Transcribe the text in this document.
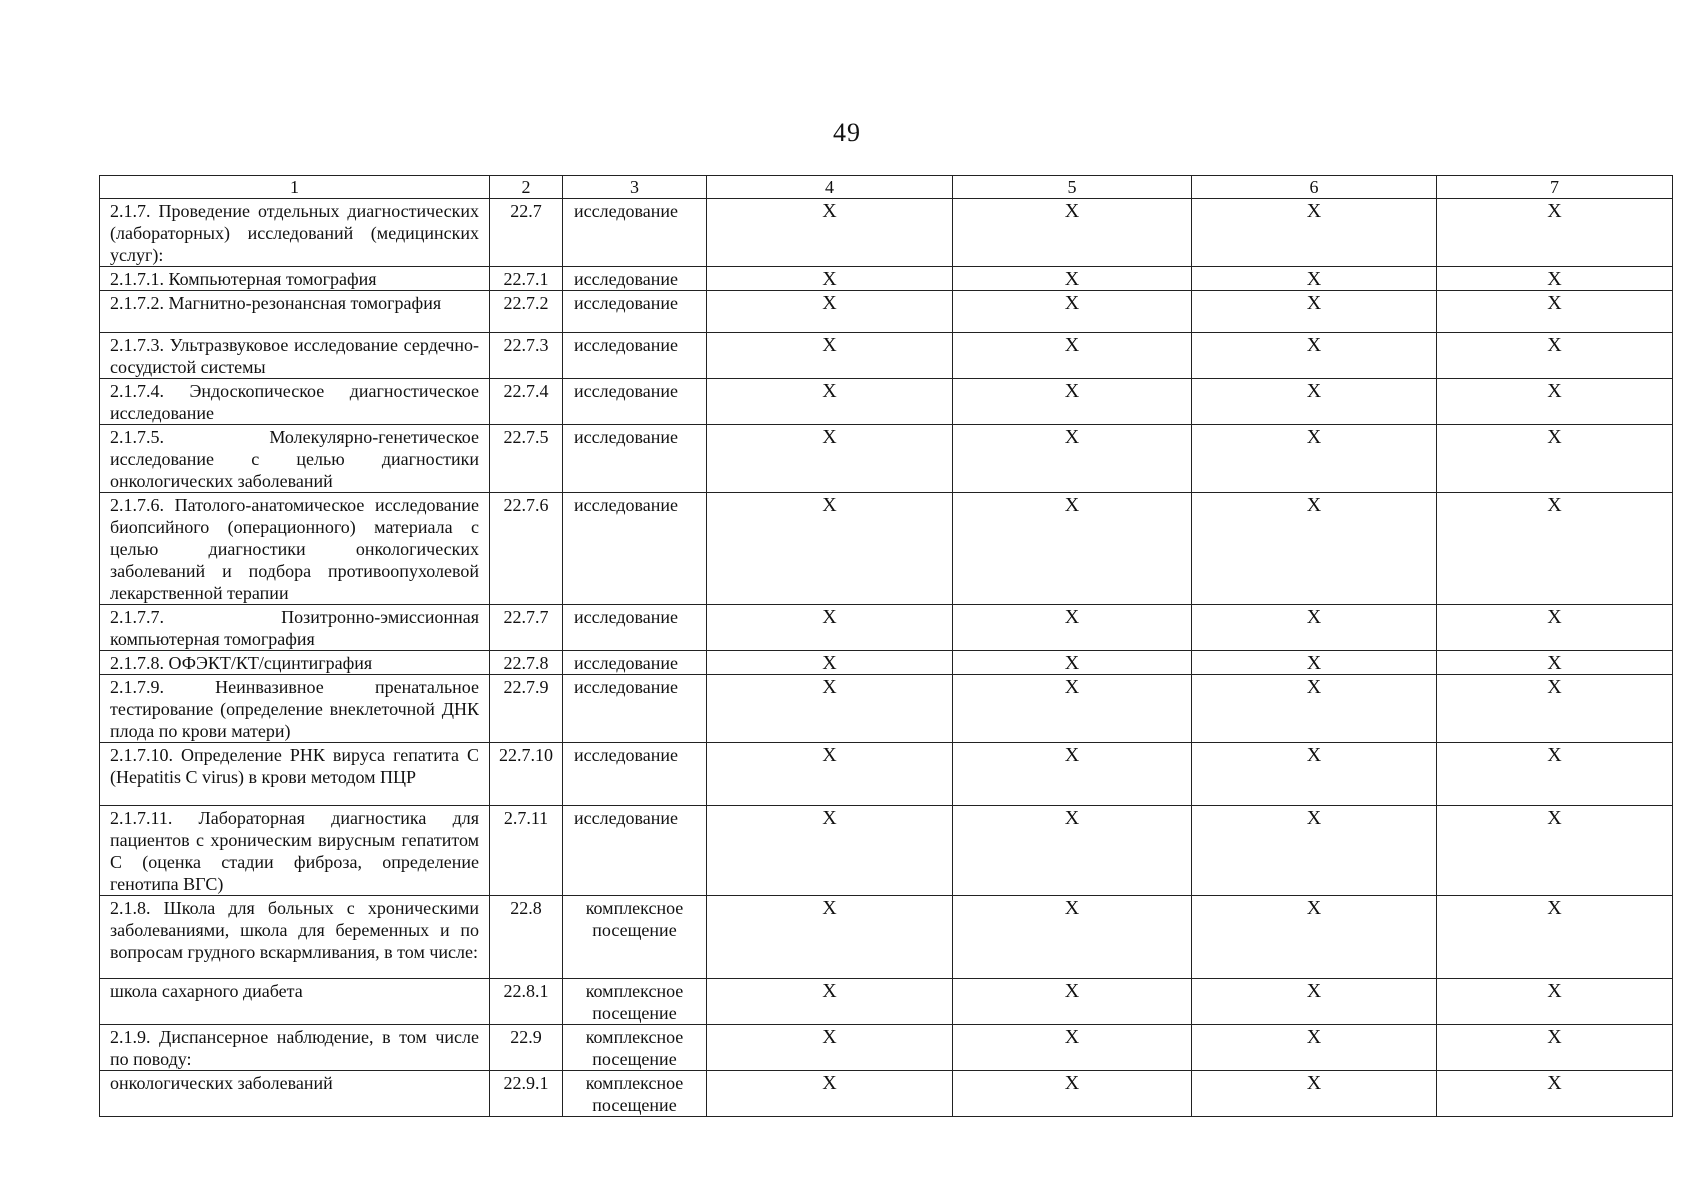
49
1	2	3	4	5	6	7
2.1.7. Проведение отдельных диагностических (лабораторных) исследований (медицинских услуг):	22.7	исследование	X	X	X	X
2.1.7.1. Компьютерная томография	22.7.1	исследование	X	X	X	X
2.1.7.2. Магнитно-резонансная томография	22.7.2	исследование	X	X	X	X
2.1.7.3. Ультразвуковое исследование сердечно-сосудистой системы	22.7.3	исследование	X	X	X	X
2.1.7.4. Эндоскопическое диагностическое исследование	22.7.4	исследование	X	X	X	X
2.1.7.5. Молекулярно-генетическое исследование с целью диагностики онкологических заболеваний	22.7.5	исследование	X	X	X	X
2.1.7.6. Патолого-анатомическое исследование биопсийного (операционного) материала с целью диагностики онкологических заболеваний и подбора противоопухолевой лекарственной терапии	22.7.6	исследование	X	X	X	X
2.1.7.7. Позитронно-эмиссионная компьютерная томография	22.7.7	исследование	X	X	X	X
2.1.7.8. ОФЭКТ/КТ/сцинтиграфия	22.7.8	исследование	X	X	X	X
2.1.7.9. Неинвазивное пренатальное тестирование (определение внеклеточной ДНК плода по крови матери)	22.7.9	исследование	X	X	X	X
2.1.7.10. Определение РНК вируса гепатита C (Hepatitis C virus) в крови методом ПЦР	22.7.10	исследование	X	X	X	X
2.1.7.11. Лабораторная диагностика для пациентов с хроническим вирусным гепатитом C (оценка стадии фиброза, определение генотипа ВГС)	2.7.11	исследование	X	X	X	X
2.1.8. Школа для больных с хроническими заболеваниями, школа для беременных и по вопросам грудного вскармливания, в том числе:	22.8	комплексное посещение	X	X	X	X
школа сахарного диабета	22.8.1	комплексное посещение	X	X	X	X
2.1.9. Диспансерное наблюдение, в том числе по поводу:	22.9	комплексное посещение	X	X	X	X
онкологических заболеваний	22.9.1	комплексное посещение	X	X	X	X
